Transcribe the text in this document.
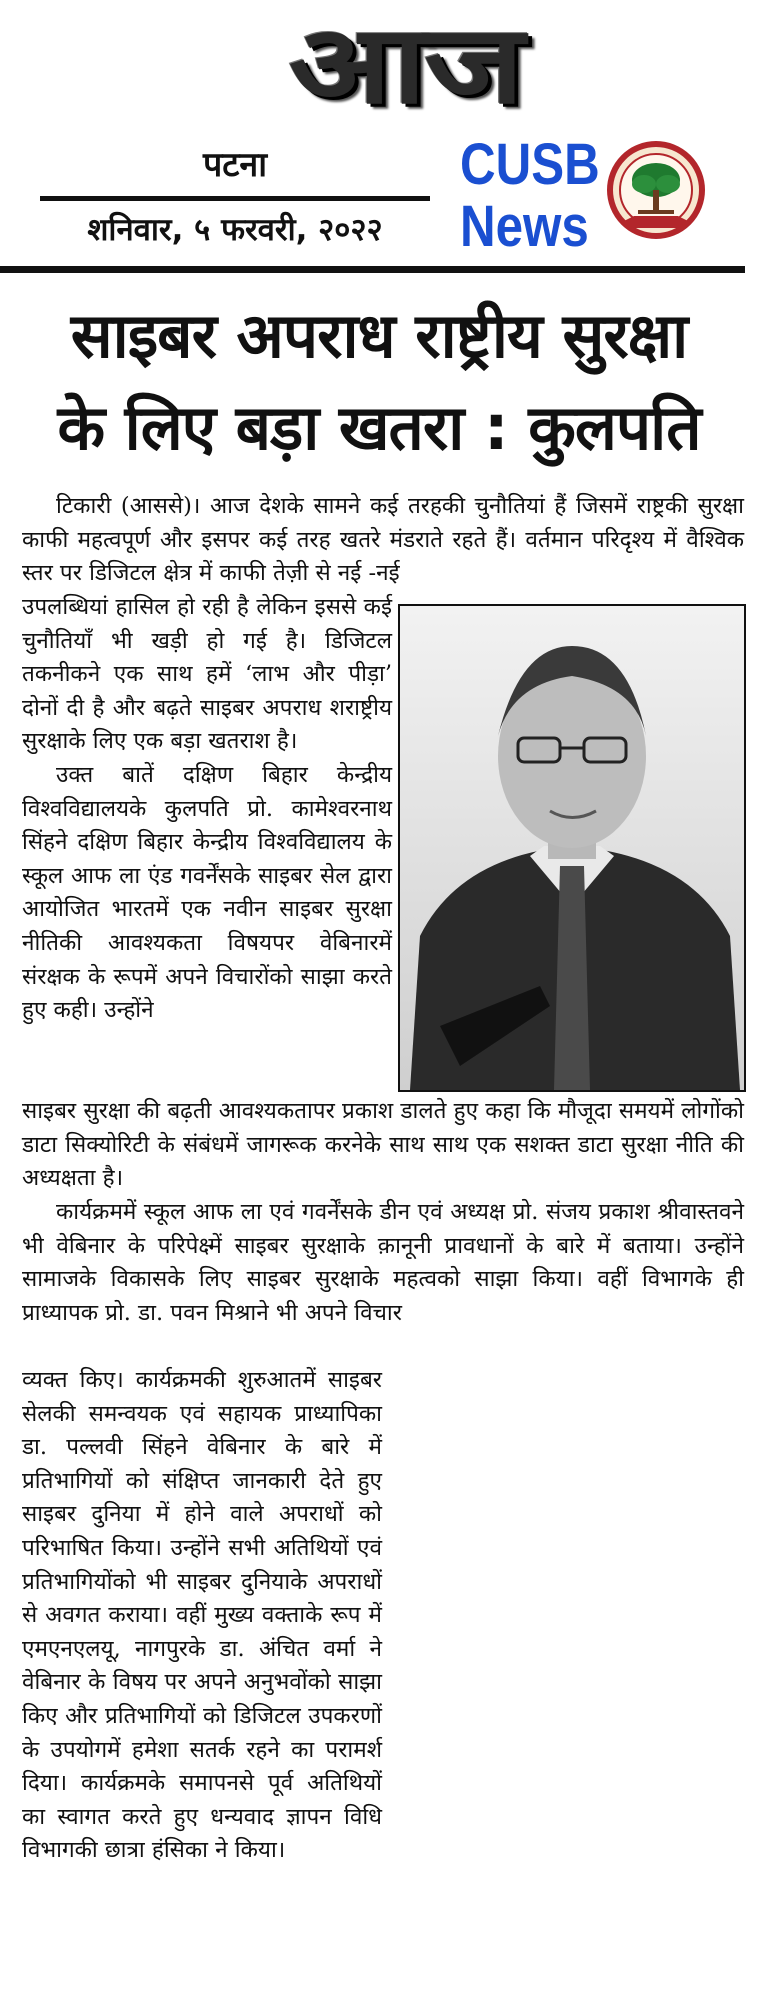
आज
पटना
शनिवार, ५ फरवरी, २०२२
CUSB
News
साइबर अपराध राष्ट्रीय सुरक्षा
के लिए बड़ा खतरा : कुलपति

टिकारी (आससे)। आज देशके सामने कई तरहकी चुनौतियां हैं जिसमें राष्ट्रकी सुरक्षा काफी महत्वपूर्ण और इसपर कई तरह खतरे मंडराते रहते हैं। वर्तमान परिदृश्य में वैश्विक स्तर पर डिजिटल क्षेत्र में काफी तेज़ी से नई -नई

उपलब्धियां हासिल हो रही है लेकिन इससे कई चुनौतियाँ भी खड़ी हो गई है। डिजिटल तकनीकने एक साथ हमें ‘लाभ और पीड़ा’ दोनों दी है और बढ़ते साइबर अपराध शराष्ट्रीय सुरक्षाके लिए एक बड़ा खतराश है।

उक्त बातें दक्षिण बिहार केन्द्रीय विश्वविद्यालयके कुलपति प्रो. कामेश्वरनाथ सिंहने दक्षिण बिहार केन्द्रीय विश्वविद्यालय के स्कूल आफ ला एंड गवर्नेंसके साइबर सेल द्वारा आयोजित भारतमें एक नवीन साइबर सुरक्षा नीतिकी आवश्यकता विषयपर वेबिनारमें संरक्षक के रूपमें अपने विचारोंको साझा करते हुए कही। उन्होंने

साइबर सुरक्षा की बढ़ती आवश्यकतापर प्रकाश डालते हुए कहा कि मौजूदा समयमें लोगोंको डाटा सिक्योरिटी के संबंधमें जागरूक करनेके साथ साथ एक सशक्त डाटा सुरक्षा नीति की अध्यक्षता है।

कार्यक्रममें स्कूल आफ ला एवं गवर्नेंसके डीन एवं अध्यक्ष प्रो. संजय प्रकाश श्रीवास्तवने भी वेबिनार के परिपेक्ष्में साइबर सुरक्षाके क़ानूनी प्रावधानों के बारे में बताया। उन्होंने सामाजके विकासके लिए साइबर सुरक्षाके महत्वको साझा किया। वहीं विभागके ही प्राध्यापक प्रो. डा. पवन मिश्राने भी अपने विचार

व्यक्त किए। कार्यक्रमकी शुरुआतमें साइबर सेलकी समन्वयक एवं सहायक प्राध्यापिका डा. पल्लवी सिंहने वेबिनार के बारे में प्रतिभागियों को संक्षिप्त जानकारी देते हुए साइबर दुनिया में होने वाले अपराधों को परिभाषित किया। उन्होंने सभी अतिथियों एवं प्रतिभागियोंको भी साइबर दुनियाके अपराधों से अवगत कराया। वहीं मुख्य वक्ताके रूप में एमएनएलयू, नागपुरके डा. अंचित वर्मा ने वेबिनार के विषय पर अपने अनुभवोंको साझा किए और प्रतिभागियों को डिजिटल उपकरणों के उपयोगमें हमेशा सतर्क रहने का परामर्श दिया। कार्यक्रमके समापनसे पूर्व अतिथियों का स्वागत करते हुए धन्यवाद ज्ञापन विधि विभागकी छात्रा हंसिका ने किया।
